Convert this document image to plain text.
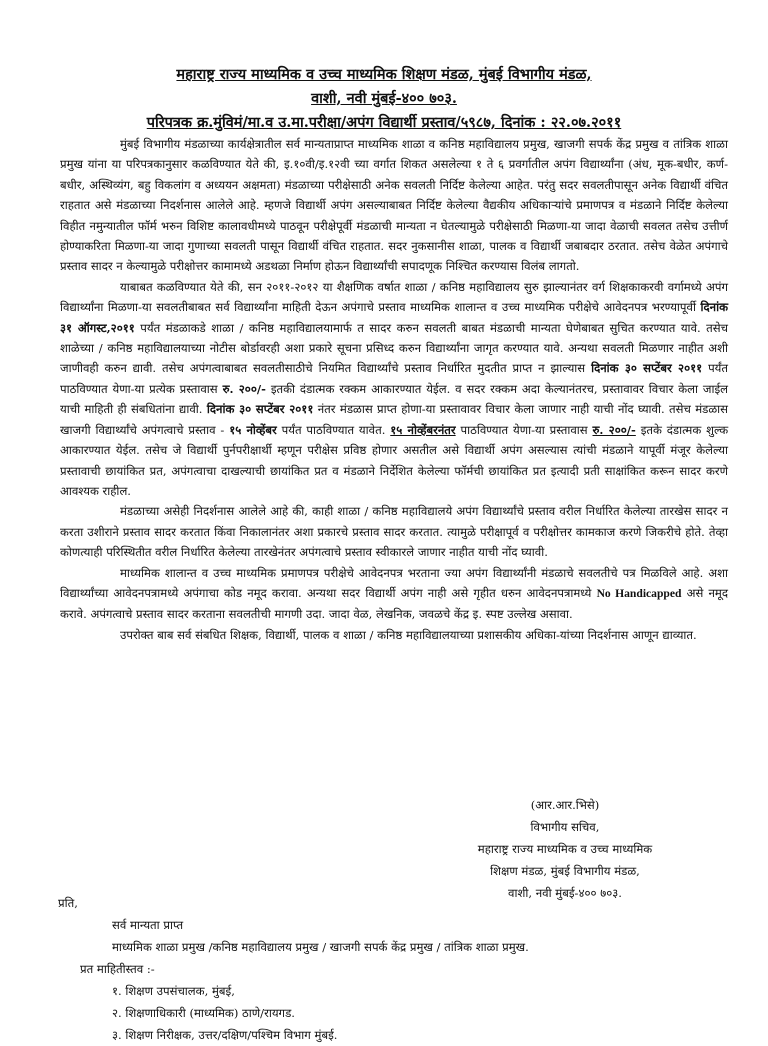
महाराष्ट्र राज्य माध्यमिक व उच्च माध्यमिक शिक्षण मंडळ, मुंबई विभागीय मंडळ,
वाशी, नवी मुंबई-४०० ७०३.
परिपत्रक क्र.मुंविमं/मा.व उ.मा.परीक्षा/अपंग विद्यार्थी प्रस्ताव/५९८७, दिनांक : २२.०७.२०११

मुंबई विभागीय मंडळाच्या कार्यक्षेत्रातील सर्व मान्यताप्राप्त माध्यमिक शाळा व कनिष्ठ महाविद्यालय प्रमुख, खाजगी सपर्क केंद्र प्रमुख व तांत्रिक शाळा प्रमुख यांना या परिपत्रकानुसार कळविण्यात येते की, इ.१०वी/इ.१२वी च्या वर्गात शिकत असलेल्या १ ते ६ प्रवर्गातील अपंग विद्यार्थ्यांना (अंध, मूक-बधीर, कर्ण-बधीर, अस्थिव्यंग, बहु विकलांग व अध्ययन अक्षमता) मंडळाच्या परीक्षेसाठी अनेक सवलती निर्दिष्ट केलेल्या आहेत. परंतु सदर सवलतीपासून अनेक विद्यार्थी वंचित राहतात असे मंडळाच्या निदर्शनास आलेले आहे. म्हणजे विद्यार्थी अपंग असल्याबाबत निर्दिष्ट केलेल्या वैद्यकीय अधिकाऱ्यांचे प्रमाणपत्र व मंडळाने निर्दिष्ट केलेल्या विहीत नमुन्यातील फॉर्म भरुन विशिष्ट कालावधीमध्ये पाठवून परीक्षेपूर्वी मंडळाची मान्यता न घेतल्यामुळे परीक्षेसाठी मिळणा-या जादा वेळाची सवलत तसेच उत्तीर्ण होण्याकरिता मिळणा-या जादा गुणाच्या सवलती पासून विद्यार्थी वंचित राहतात. सदर नुकसानीस शाळा, पालक व विद्यार्थी जबाबदार ठरतात. तसेच वेळेत अपंगाचे प्रस्ताव सादर न केल्यामुळे परीक्षोत्तर कामामध्ये अडथळा निर्माण होऊन विद्यार्थ्यांची सपादणूक निश्चित करण्यास विलंब लागतो.

याबाबत कळविण्यात येते की, सन २०११-२०१२ या शैक्षणिक वर्षात शाळा / कनिष्ठ महाविद्यालय सुरु झाल्यानंतर वर्ग शिक्षकाकरवी वर्गामध्ये अपंग विद्यार्थ्यांना मिळणा-या सवलतीबाबत सर्व विद्यार्थ्यांना माहिती देऊन अपंगाचे प्रस्ताव माध्यमिक शालान्त व उच्च माध्यमिक परीक्षेचे आवेदनपत्र भरण्यापूर्वी दिनांक ३१ ऑगस्ट,२०११ पर्यंत मंडळाकडे शाळा / कनिष्ठ महाविद्यालयामार्फ त सादर करुन सवलती बाबत मंडळाची मान्यता घेणेबाबत सुचित करण्यात यावे. तसेच शाळेच्या / कनिष्ठ महाविद्यालयाच्या नोटीस बोर्डावरही अशा प्रकारे सूचना प्रसिध्द करुन विद्यार्थ्यांना जागृत करण्यात यावे. अन्यथा सवलती मिळणार नाहीत अशी जाणीवही करुन द्यावी. तसेच अपंगत्वाबाबत सवलतीसाठीचे नियमित विद्यार्थ्यांचे प्रस्ताव निर्धारित मुदतीत प्राप्त न झाल्यास दिनांक ३० सप्टेंबर २०११ पर्यंत पाठविण्यात येणा-या प्रत्येक प्रस्तावास रु. २००/- इतकी दंडात्मक रक्कम आकारण्यात येईल. व सदर रक्कम अदा केल्यानंतरच, प्रस्तावावर विचार केला जाईल याची माहिती ही संबधितांना द्यावी. दिनांक ३० सप्टेंबर २०११ नंतर मंडळास प्राप्त होणा-या प्रस्तावावर विचार केला जाणार नाही याची नोंद घ्यावी. तसेच मंडळास खाजगी विद्यार्थ्यांचे अपंगत्वाचे प्रस्ताव - १५ नोव्हेंबर पर्यंत पाठविण्यात यावेत. १५ नोव्हेंबरनंतर पाठविण्यात येणा-या प्रस्तावास रु. २००/- इतके दंडात्मक शुल्क आकारण्यात येईल. तसेच जे विद्यार्थी पुर्नपरीक्षार्थी म्हणून परीक्षेस प्रविष्ठ होणार असतील असे विद्यार्थी अपंग असल्यास त्यांची मंडळाने यापूर्वी मंजूर केलेल्या प्रस्तावाची छायांकित प्रत, अपंगत्वाचा दाखल्याची छायांकित प्रत व मंडळाने निर्देशित केलेल्या फॉर्मची छायांकित प्रत इत्यादी प्रती साक्षांकित करून सादर करणे आवश्यक राहील.

मंडळाच्या असेही निदर्शनास आलेले आहे की, काही शाळा / कनिष्ठ महाविद्यालये अपंग विद्यार्थ्यांचे प्रस्ताव वरील निर्धारित केलेल्या तारखेस सादर न करता उशीराने प्रस्ताव सादर करतात किंवा निकालानंतर अशा प्रकारचे प्रस्ताव सादर करतात. त्यामुळे परीक्षापूर्व व परीक्षोत्तर कामकाज करणे जिकरीचे होते. तेव्हा कोणत्याही परिस्थितीत वरील निर्धारित केलेल्या तारखेनंतर अपंगत्वाचे प्रस्ताव स्वीकारले जाणार नाहीत याची नोंद घ्यावी.

माध्यमिक शालान्त व उच्च माध्यमिक प्रमाणपत्र परीक्षेचे आवेदनपत्र भरताना ज्या अपंग विद्यार्थ्यांनी मंडळाचे सवलतीचे पत्र मिळविले आहे. अशा विद्यार्थ्यांच्या आवेदनपत्रामध्ये अपंगाचा कोड नमूद करावा. अन्यथा सदर विद्यार्थी अपंग नाही असे गृहीत धरुन आवेदनपत्रामध्ये No Handicapped असे नमूद करावे. अपंगत्वाचे प्रस्ताव सादर करताना सवलतीची मागणी उदा. जादा वेळ, लेखनिक, जवळचे केंद्र इ. स्पष्ट उल्लेख असावा.

उपरोक्त बाब सर्व संबधित शिक्षक, विद्यार्थी, पालक व शाळा / कनिष्ठ महाविद्यालयाच्या प्रशासकीय अधिका-यांच्या निदर्शनास आणून द्याव्यात.

(आर.आर.भिसे)
विभागीय सचिव,
महाराष्ट्र राज्य माध्यमिक व उच्च माध्यमिक
शिक्षण मंडळ, मुंबई विभागीय मंडळ,
वाशी, नवी मुंबई-४०० ७०३.
प्रति,
सर्व मान्यता प्राप्त
माध्यमिक शाळा प्रमुख /कनिष्ठ महाविद्यालय प्रमुख / खाजगी सपर्क केंद्र प्रमुख / तांत्रिक शाळा प्रमुख.
प्रत माहितीस्तव :-
१. शिक्षण उपसंचालक, मुंबई,
२. शिक्षणाधिकारी (माध्यमिक) ठाणे/रायगड.
३. शिक्षण निरीक्षक, उत्तर/दक्षिण/पश्चिम विभाग मुंबई.
